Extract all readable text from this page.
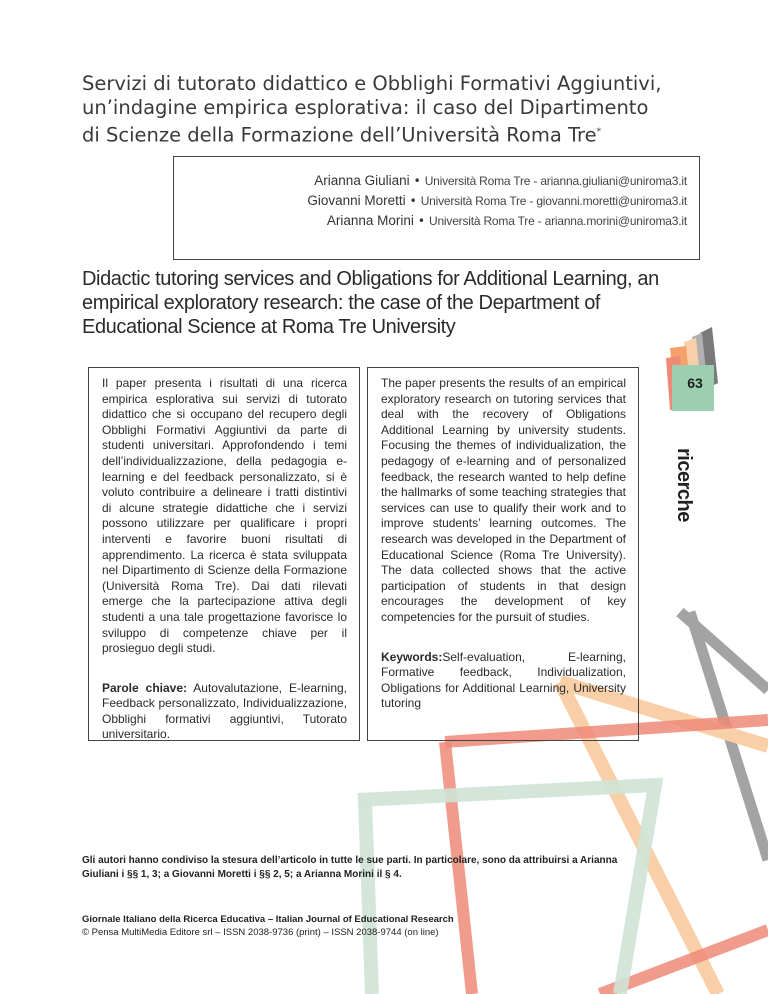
Servizi di tutorato didattico e Obblighi Formativi Aggiuntivi, un’indagine empirica esplorativa: il caso del Dipartimento di Scienze della Formazione dell’Università Roma Tre*
Arianna Giuliani • Università Roma Tre - arianna.giuliani@uniroma3.it
Giovanni Moretti • Università Roma Tre - giovanni.moretti@uniroma3.it
Arianna Morini • Università Roma Tre - arianna.morini@uniroma3.it
Didactic tutoring services and Obligations for Additional Learning, an empirical exploratory research: the case of the Department of Educational Science at Roma Tre University

Il paper presenta i risultati di una ricerca empirica esplorativa sui servizi di tutorato didattico che si occupano del recupero degli Obblighi Formativi Aggiuntivi da parte di studenti universitari. Approfondendo i temi dell’individualizzazione, della pedagogia e-learning e del feedback personalizzato, si è voluto contribuire a delineare i tratti distintivi di alcune strategie didattiche che i servizi possono utilizzare per qualificare i propri interventi e favorire buoni risultati di apprendimento. La ricerca è stata sviluppata nel Dipartimento di Scienze della Formazione (Università Roma Tre). Dai dati rilevati emerge che la partecipazione attiva degli studenti a una tale progettazione favorisce lo sviluppo di competenze chiave per il prosieguo degli studi.

Parole chiave: Autovalutazione, E-learning, Feedback personalizzato, Individualizzazione, Obblighi formativi aggiuntivi, Tutorato universitario.

The paper presents the results of an empirical exploratory research on tutoring services that deal with the recovery of Obligations Additional Learning by university students. Focusing the themes of individualization, the pedagogy of e-learning and of personalized feedback, the research wanted to help define the hallmarks of some teaching strategies that services can use to qualify their work and to improve students’ learning outcomes. The research was developed in the Department of Educational Science (Roma Tre University). The data collected shows that the active participation of students in that design encourages the development of key competencies for the pursuit of studies.

Keywords:Self-evaluation, E-learning, Formative feedback, Individualization, Obligations for Additional Learning, University tutoring

63
ricerche

Gli autori hanno condiviso la stesura dell’articolo in tutte le sue parti. In particolare, sono da attribuirsi a Arianna Giuliani i §§ 1, 3; a Giovanni Moretti i §§ 2, 5; a Arianna Morini il § 4.

Giornale Italiano della Ricerca Educativa – Italian Journal of Educational Research
© Pensa MultiMedia Editore srl – ISSN 2038-9736 (print) – ISSN 2038-9744 (on line)
